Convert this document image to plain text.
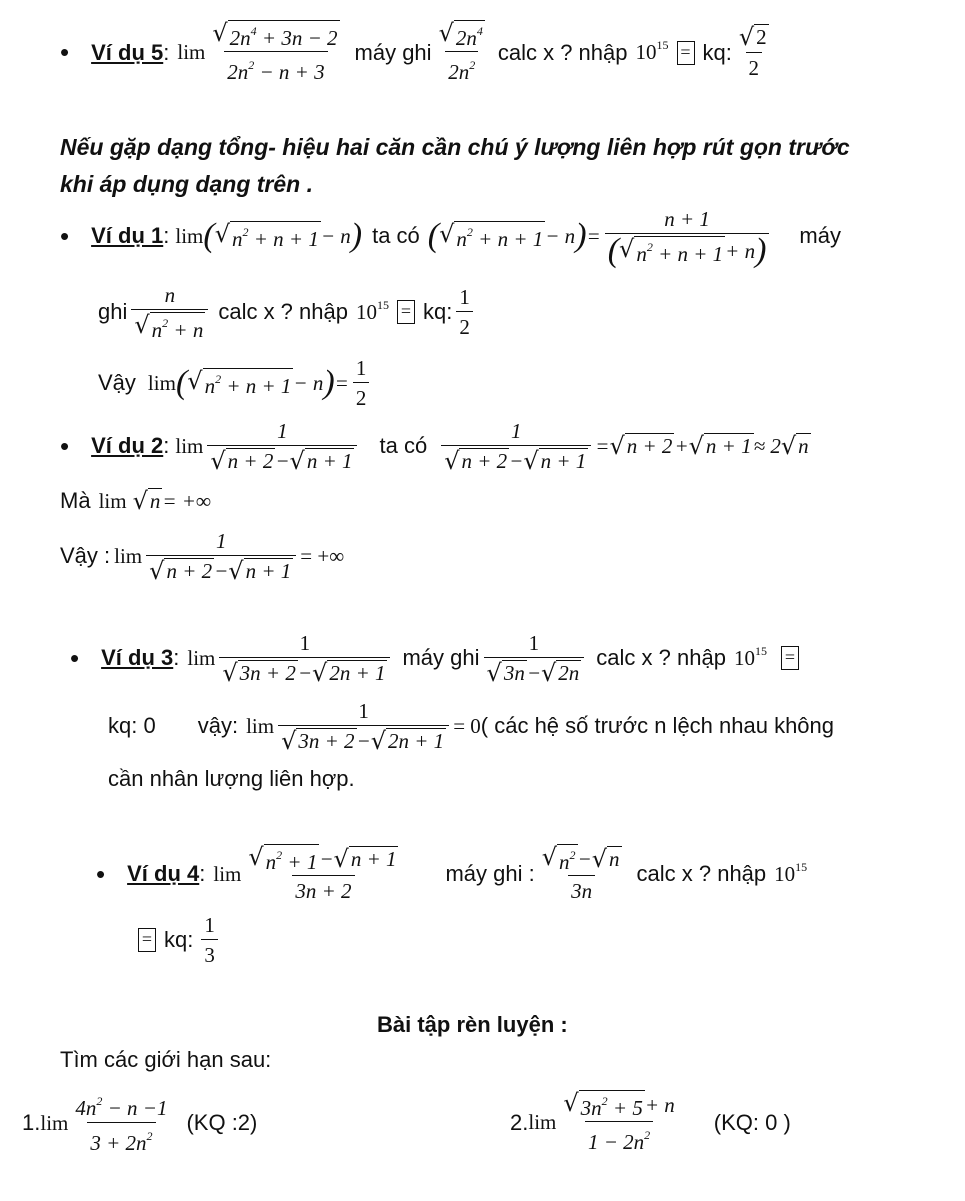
• Ví dụ 5 : $\lim \frac{√ 2n^4 + 3n - 2}{2n^2 - n + 3}$ máy ghi $\frac{√ 2n^4}{2n^2}$ calc x ? nhập $10^{15}$ = kq: $\frac{√ 2}{2}$
Nếu gặp dạng tổng- hiệu hai căn cần chú ý lượng liên hợp rút gọn trước
khi áp dụng dạng trên .
• Ví dụ 1 : lim ( √ $n^2 + n + 1 - n$ ) ta có ( √ $n^2 + n + 1 - n$ ) = $\frac{n + 1}{( √ n^2 + n + 1 + n )}$ máy
ghi $\frac{n}{√ n^2 + n}$ calc x ? nhập $10^{15}$ = kq: $\frac{1}{2}$
Vậy lim ( √ $n^2 + n + 1 - n$ ) = $\frac{1}{2}$
• Ví dụ 2 : $\lim \frac{1}{√ n + 2 - √ n + 1}$ ta có $\frac{1}{√ n + 2 - √ n + 1}$ = √ n + 2 + √ n + 1 ≈ 2 √ n
Mà lim √ n = +∞
Vậy : $\lim \frac{1}{√ n + 2 - √ n + 1}$ = +∞
• Ví dụ 3 : $\lim \frac{1}{√ 3n + 2 - √ 2n + 1}$ máy ghi $\frac{1}{√ 3n - √ 2n}$ calc x ? nhập $10^{15}$ =
kq: 0 vậy: $\lim \frac{1}{√ 3n + 2 - √ 2n + 1} = 0$ ( các hệ số trước n lệch nhau không
cần nhân lượng liên hợp.
• Ví dụ 4 : $\lim \frac{√ n^2 + 1 - √ n + 1}{3n + 2}$ máy ghi : $\frac{√ n^2 - √ n}{3n}$ calc x ? nhập $10^{15}$
= kq: $\frac{1}{3}$
Bài tập rèn luyện :
Tìm các giới hạn sau:
1. $\lim \frac{4n^2 - n -1}{3 + 2n^2} (KQ$ :2)	2. $\lim \frac{√ 3n^2 + 5 + n}{1 - 2n^2} (KQ$: 0 )
